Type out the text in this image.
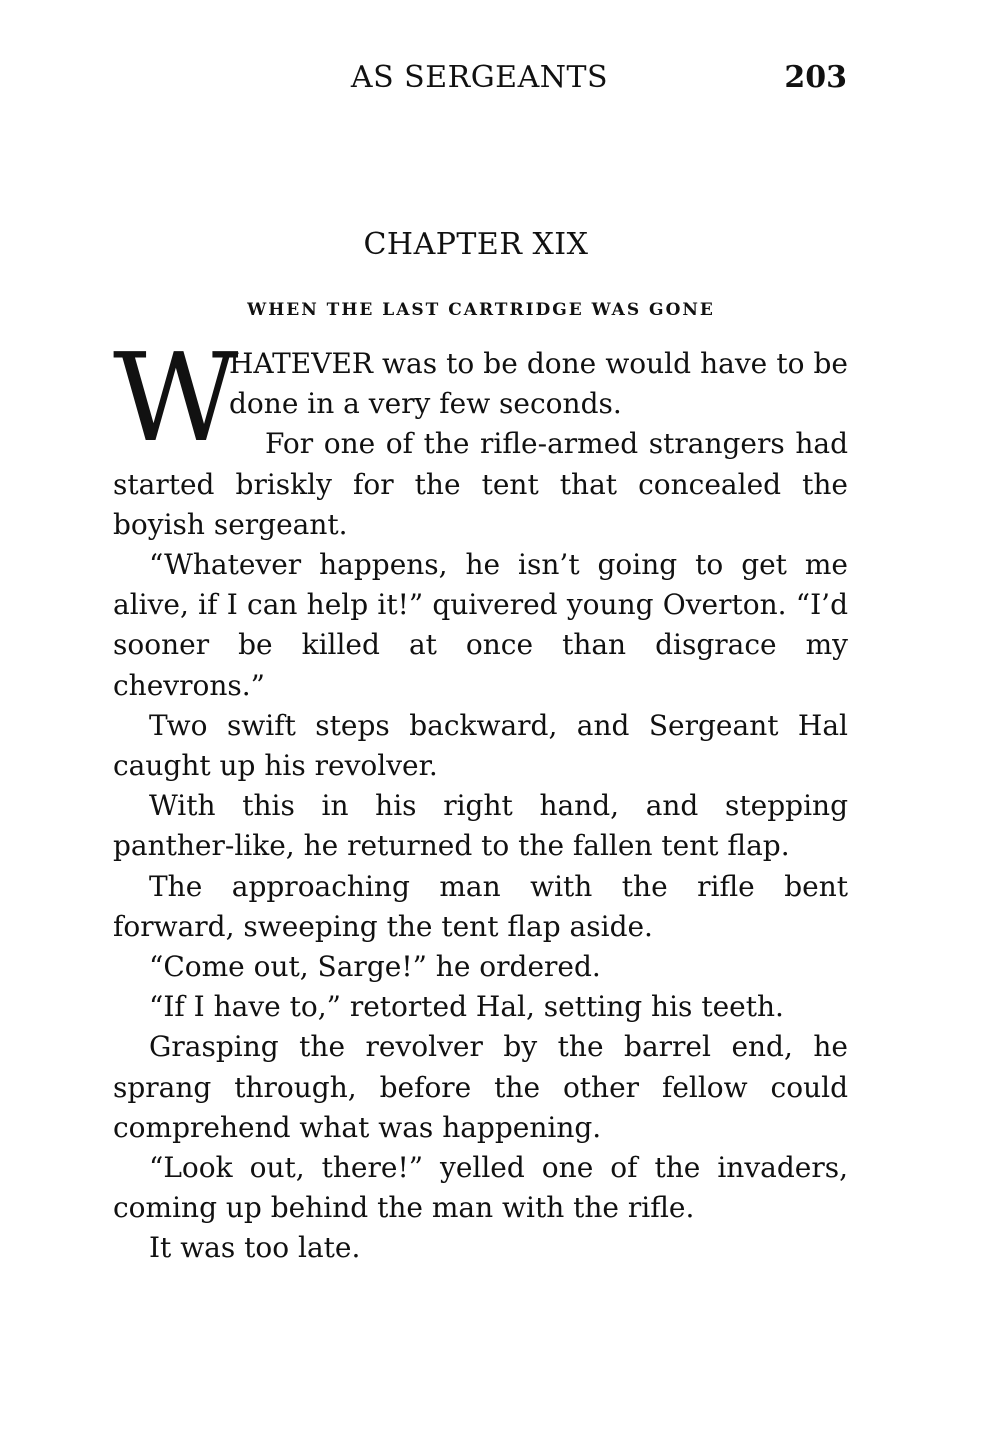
AS SERGEANTS	203
CHAPTER XIX
WHEN THE LAST CARTRIDGE WAS GONE

W
HATEVER was to be done would have to be done in a very few seconds.

For one of the rifle-armed strangers had started briskly for the tent that concealed the boyish sergeant.

“Whatever happens, he isn’t going to get me alive, if I can help it!” quivered young Overton. “I’d sooner be killed at once than disgrace my chevrons.”

Two swift steps backward, and Sergeant Hal caught up his revolver.

With this in his right hand, and stepping panther-like, he returned to the fallen tent flap.

The approaching man with the rifle bent forward, sweeping the tent flap aside.

“Come out, Sarge!” he ordered.

“If I have to,” retorted Hal, setting his teeth.

Grasping the revolver by the barrel end, he sprang through, before the other fellow could comprehend what was happening.

“Look out, there!” yelled one of the invaders, coming up behind the man with the rifle.

It was too late.
